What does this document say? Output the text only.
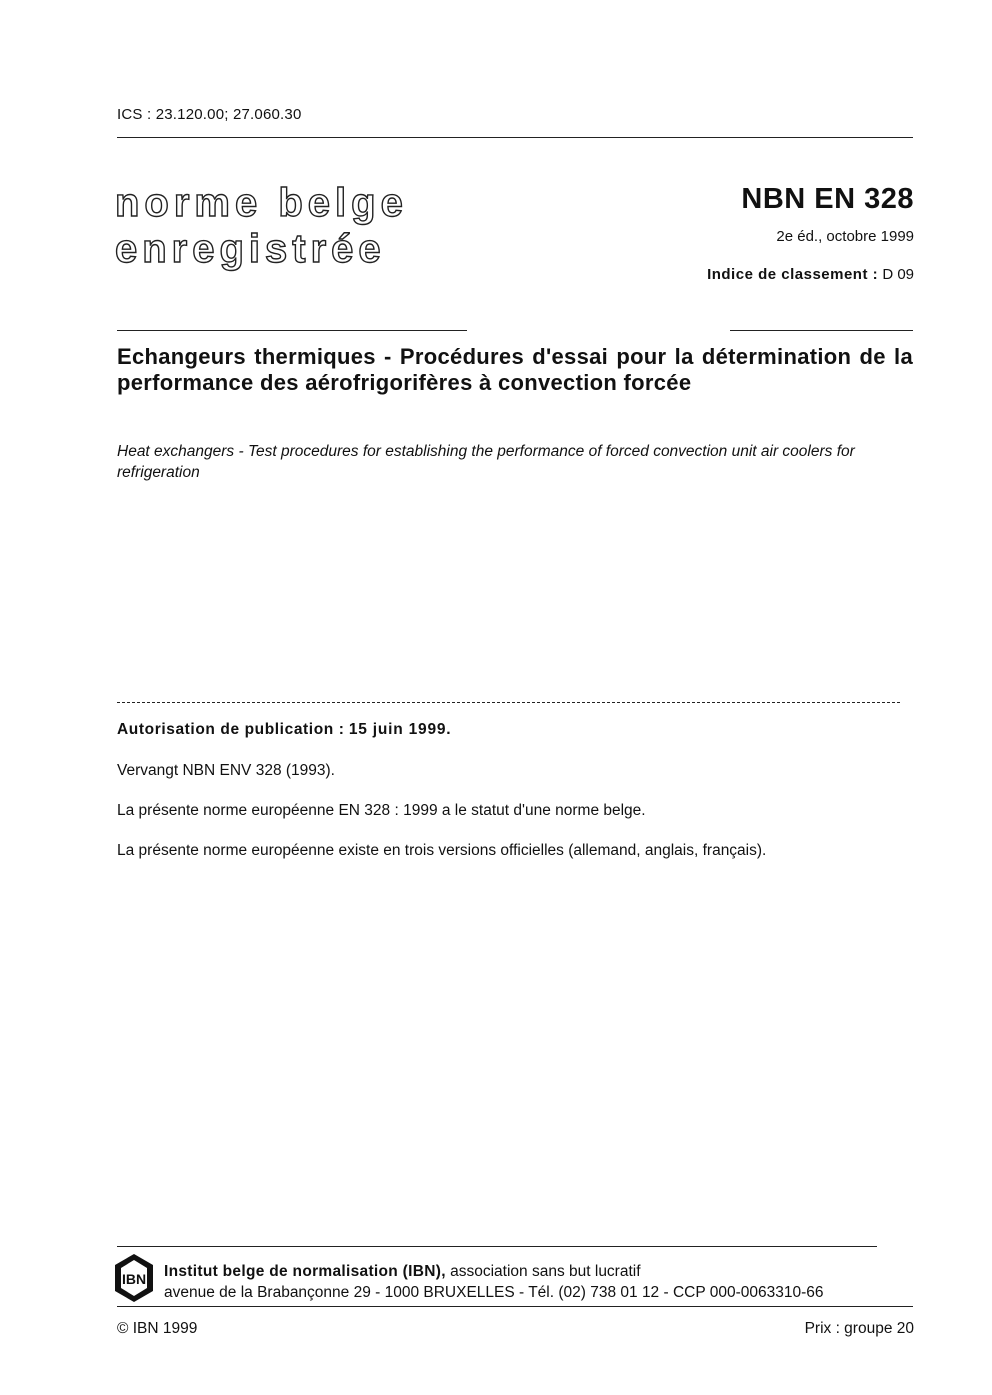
ICS : 23.120.00; 27.060.30
norme belge
enregistrée
NBN EN 328
2e éd., octobre 1999
Indice de classement : D 09
Echangeurs thermiques - Procédures d'essai pour la détermination de la performance des aérofrigorifères à convection forcée
Heat exchangers - Test procedures for establishing the performance of forced convection unit air coolers for refrigeration
Autorisation de publication : 15 juin 1999.
Vervangt NBN ENV 328 (1993).
La présente norme européenne EN 328 : 1999 a le statut d'une norme belge.
La présente norme européenne existe en trois versions officielles (allemand, anglais, français).
IBN Institut belge de normalisation (IBN), association sans but lucratif
avenue de la Brabançonne 29 - 1000 BRUXELLES - Tél. (02) 738 01 12 - CCP 000-0063310-66
© IBN 1999	Prix : groupe 20
